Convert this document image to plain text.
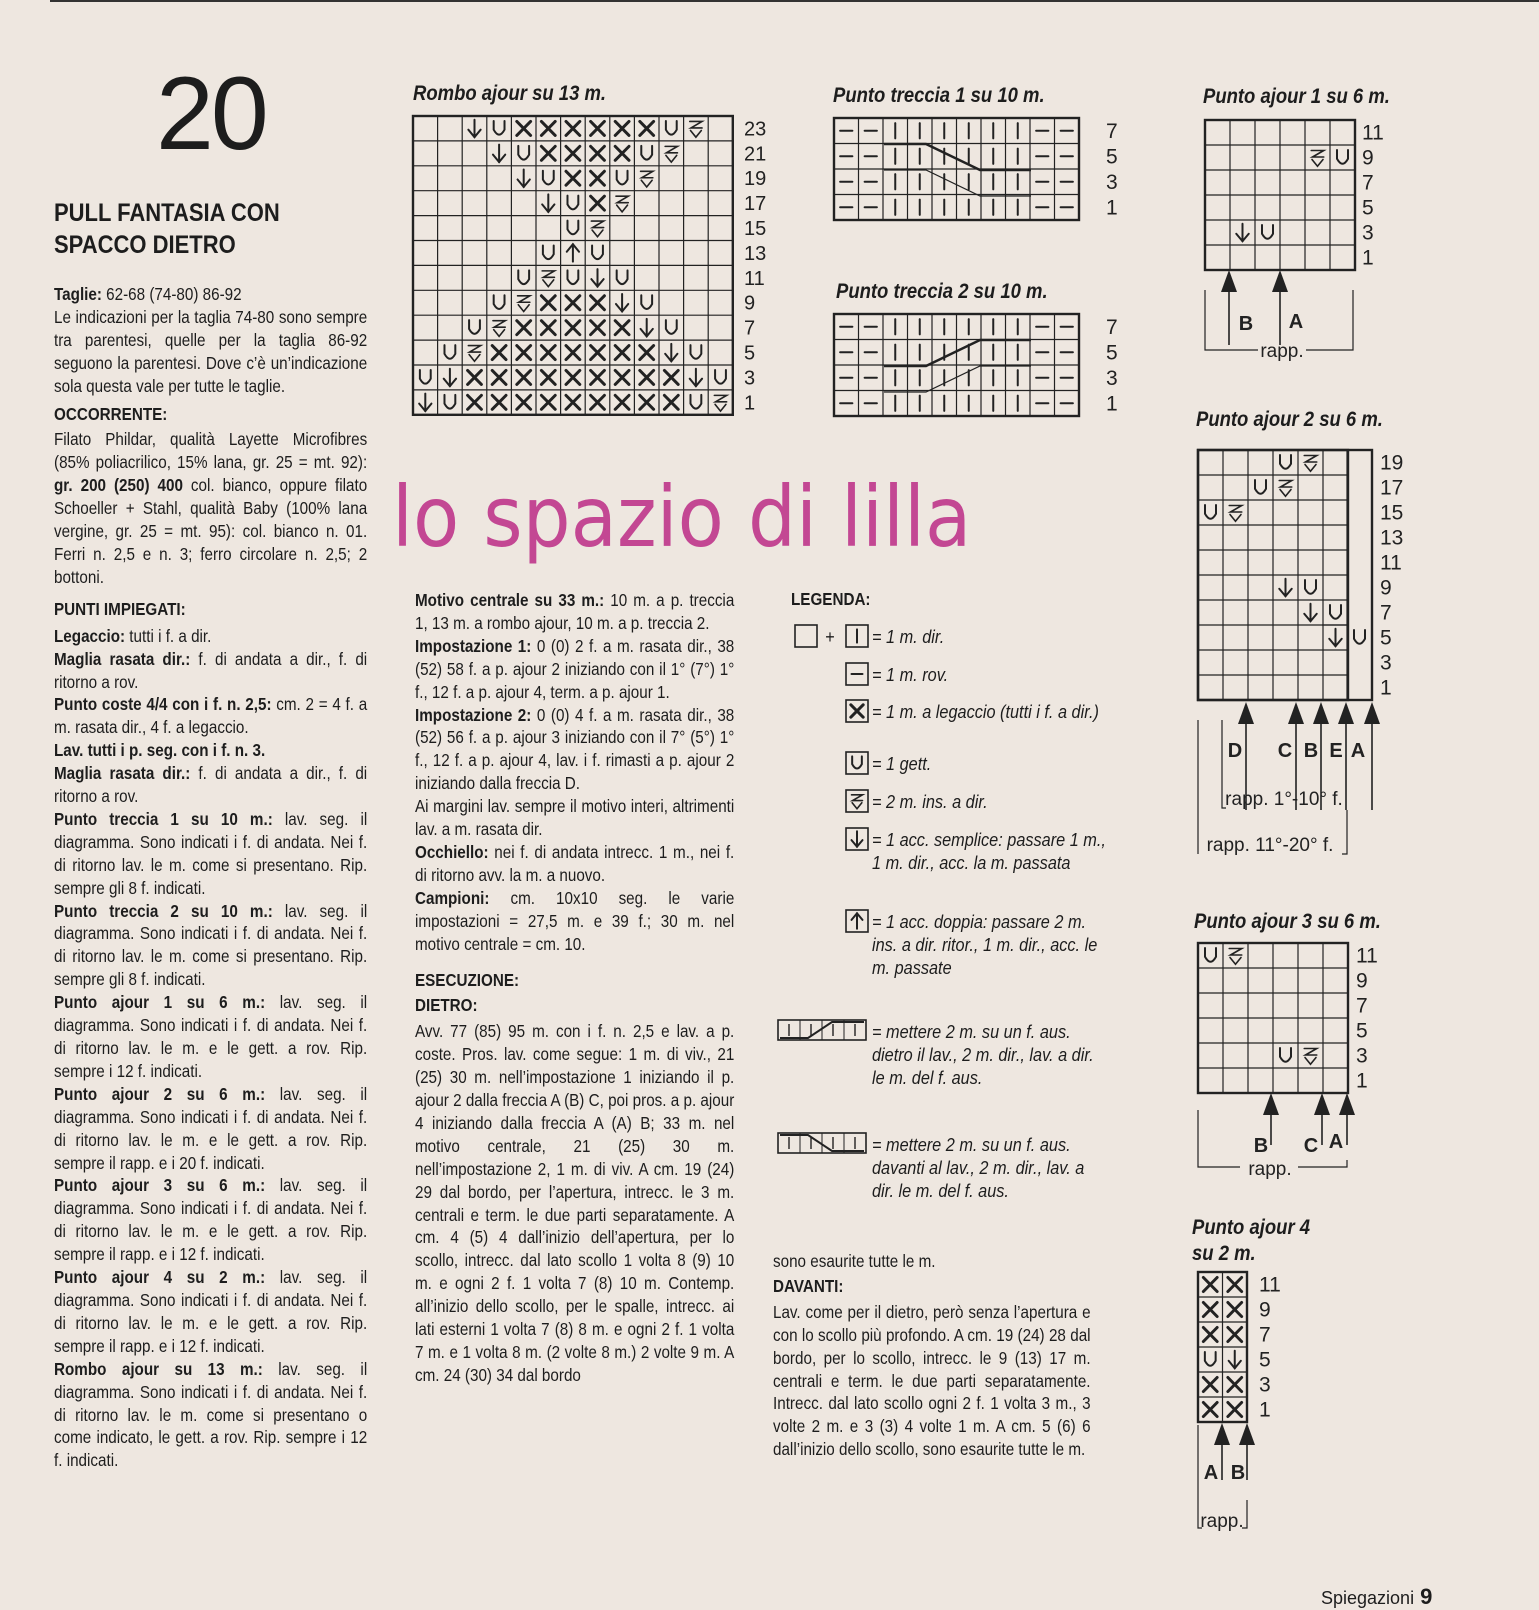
20
PULL FANTASIA CON
SPACCO DIETRO

Taglie: 62-68 (74-80) 86-92

Le indicazioni per la taglia 74-80 sono sempre tra parentesi, quelle per la taglia 86-92 seguono la parentesi. Dove c’è un’indicazione sola questa vale per tutte le taglie.

OCCORRENTE:

Filato Phildar, qualità Layette Microfibres (85% poliacrilico, 15% lana, gr. 25 = mt. 92): gr. 200 (250) 400 col. bianco, oppure filato Schoeller + Stahl, qualità Baby (100% lana vergine, gr. 25 = mt. 95): col. bianco n. 01. Ferri n. 2,5 e n. 3; ferro circolare n. 2,5; 2 bottoni.

PUNTI IMPIEGATI:

Legaccio: tutti i f. a dir.

Maglia rasata dir.: f. di andata a dir., f. di ritorno a rov.

Punto coste 4/4 con i f. n. 2,5: cm. 2 = 4 f. a m. rasata dir., 4 f. a legaccio.

Lav. tutti i p. seg. con i f. n. 3.

Maglia rasata dir.: f. di andata a dir., f. di ritorno a rov.

Punto treccia 1 su 10 m.: lav. seg. il diagramma. Sono indicati i f. di andata. Nei f. di ritorno lav. le m. come si presentano. Rip. sempre gli 8 f. indicati.

Punto treccia 2 su 10 m.: lav. seg. il diagramma. Sono indicati i f. di andata. Nei f. di ritorno lav. le m. come si presentano. Rip. sempre gli 8 f. indicati.

Punto ajour 1 su 6 m.: lav. seg. il diagramma. Sono indicati i f. di andata. Nei f. di ritorno lav. le m. e le gett. a rov. Rip. sempre i 12 f. indicati.

Punto ajour 2 su 6 m.: lav. seg. il diagramma. Sono indicati i f. di andata. Nei f. di ritorno lav. le m. e le gett. a rov. Rip. sempre il rapp. e i 20 f. indicati.

Punto ajour 3 su 6 m.: lav. seg. il diagramma. Sono indicati i f. di andata. Nei f. di ritorno lav. le m. e le gett. a rov. Rip. sempre il rapp. e i 12 f. indicati.

Punto ajour 4 su 2 m.: lav. seg. il diagramma. Sono indicati i f. di andata. Nei f. di ritorno lav. le m. e le gett. a rov. Rip. sempre il rapp. e i 12 f. indicati.

Rombo ajour su 13 m.: lav. seg. il diagramma. Sono indicati i f. di andata. Nei f. di ritorno lav. le m. come si presentano o come indicato, le gett. a rov. Rip. sempre i 12 f. indicati.

Motivo centrale su 33 m.: 10 m. a p. treccia 1, 13 m. a rombo ajour, 10 m. a p. treccia 2.

Impostazione 1: 0 (0) 2 f. a m. rasata dir., 38 (52) 58 f. a p. ajour 2 iniziando con il 1° (7°) 1° f., 12 f. a p. ajour 4, term. a p. ajour 1.

Impostazione 2: 0 (0) 4 f. a m. rasata dir., 38 (52) 56 f. a p. ajour 3 iniziando con il 7° (5°) 1° f., 12 f. a p. ajour 4, lav. i f. rimasti a p. ajour 2 iniziando dalla freccia D.

Ai margini lav. sempre il motivo interi, altrimenti lav. a m. rasata dir.

Occhiello: nei f. di andata intrecc. 1 m., nei f. di ritorno avv. la m. a nuovo.

Campioni: cm. 10x10 seg. le varie impostazioni = 27,5 m. e 39 f.; 30 m. nel motivo centrale = cm. 10.

ESECUZIONE:

DIETRO:

Avv. 77 (85) 95 m. con i f. n. 2,5 e lav. a p. coste. Pros. lav. come segue: 1 m. di viv., 21 (25) 30 m. nell’impostazione 1 iniziando il p. ajour 2 dalla freccia A (B) C, poi pros. a p. ajour 4 iniziando dalla freccia A (A) B; 33 m. nel motivo centrale, 21 (25) 30 m. nell’impostazione 2, 1 m. di viv. A cm. 19 (24) 29 dal bordo, per l’apertura, intrecc. le 3 m. centrali e term. le due parti separatamente. A cm. 4 (5) 4 dall’inizio dell’apertura, per lo scollo, intrecc. dal lato scollo 1 volta 8 (9) 10 m. e ogni 2 f. 1 volta 7 (8) 10 m. Contemp. all’inizio dello scollo, per le spalle, intrecc. ai lati esterni 1 volta 7 (8) 8 m. e ogni 2 f. 1 volta 7 m. e 1 volta 8 m. (2 volte 8 m.) 2 volte 9 m. A cm. 24 (30) 34 dal bordo

sono esaurite tutte le m.

DAVANTI:

Lav. come per il dietro, però senza l’apertura e con lo scollo più profondo. A cm. 19 (24) 28 dal bordo, per lo scollo, intrecc. le 9 (13) 17 m. centrali e term. le due parti separatamente. Intrecc. dal lato scollo ogni 2 f. 1 volta 3 m., 3 volte 2 m. e 3 (3) 4 volte 1 m. A cm. 5 (6) 6 dall’inizio dello scollo, sono esaurite tutte le m.

Rombo ajour su 13 m.	Punto treccia 1 su 10 m.
Punto treccia 2 su 10 m.
Punto ajour 1 su 6 m.
Punto ajour 2 su 6 m.
Punto ajour 3 su 6 m.
Punto ajour 4
su 2 m.
23
21
19
17
15
13
11
9
7
5
3
1
7
5
3
1
7
5
3
1
11
9
7
5
3
1
B A
rapp.
19
17
15
13
11
9
7
5
3
1
D C B E A
rapp. 1°-10° f.
rapp. 11°-20° f.
11
9
7
5
3
1
B C A
rapp.
11
9
7
5
3
1
A B
rapp.
LEGENDA:
+ = 1 m. dir.
= 1 m. rov.
= 1 m. a legaccio (tutti i f. a dir.)
= 1 gett.
= 2 m. ins. a dir.
= 1 acc. semplice: passare 1 m., 1 m. dir., acc. la m. passata
= 1 acc. doppia: passare 2 m. ins. a dir. ritor., 1 m. dir., acc. le m. passate
= mettere 2 m. su un f. aus. dietro il lav., 2 m. dir., lav. a dir. le m. del f. aus.
= mettere 2 m. su un f. aus. davanti al lav., 2 m. dir., lav. a dir. le m. del f. aus.
lo spazio di lilla
Spiegazioni 9
